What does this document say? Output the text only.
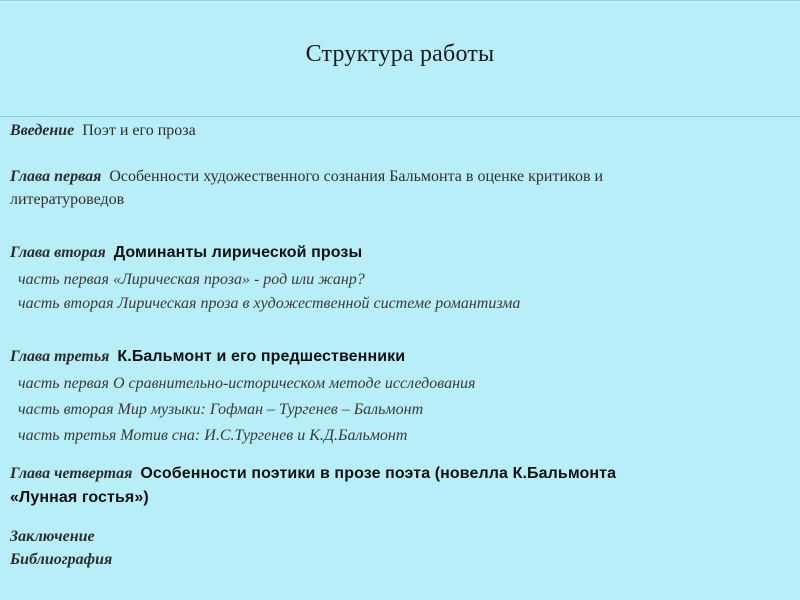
Структура работы
Введение Поэт и его проза
Глава первая Особенности художественного сознания Бальмонта в оценке критиков и
литературоведов
Глава вторая Доминанты лирической прозы
часть первая «Лирическая проза» - род или жанр?
часть вторая Лирическая проза в художественной системе романтизма
Глава третья К.Бальмонт и его предшественники
часть первая О сравнительно-историческом методе исследования
часть вторая Мир музыки: Гофман – Тургенев – Бальмонт
часть третья Мотив сна: И.С.Тургенев и К.Д.Бальмонт
Глава четвертая Особенности поэтики в прозе поэта (новелла К.Бальмонта
«Лунная гостья»)
Заключение
Библиография
